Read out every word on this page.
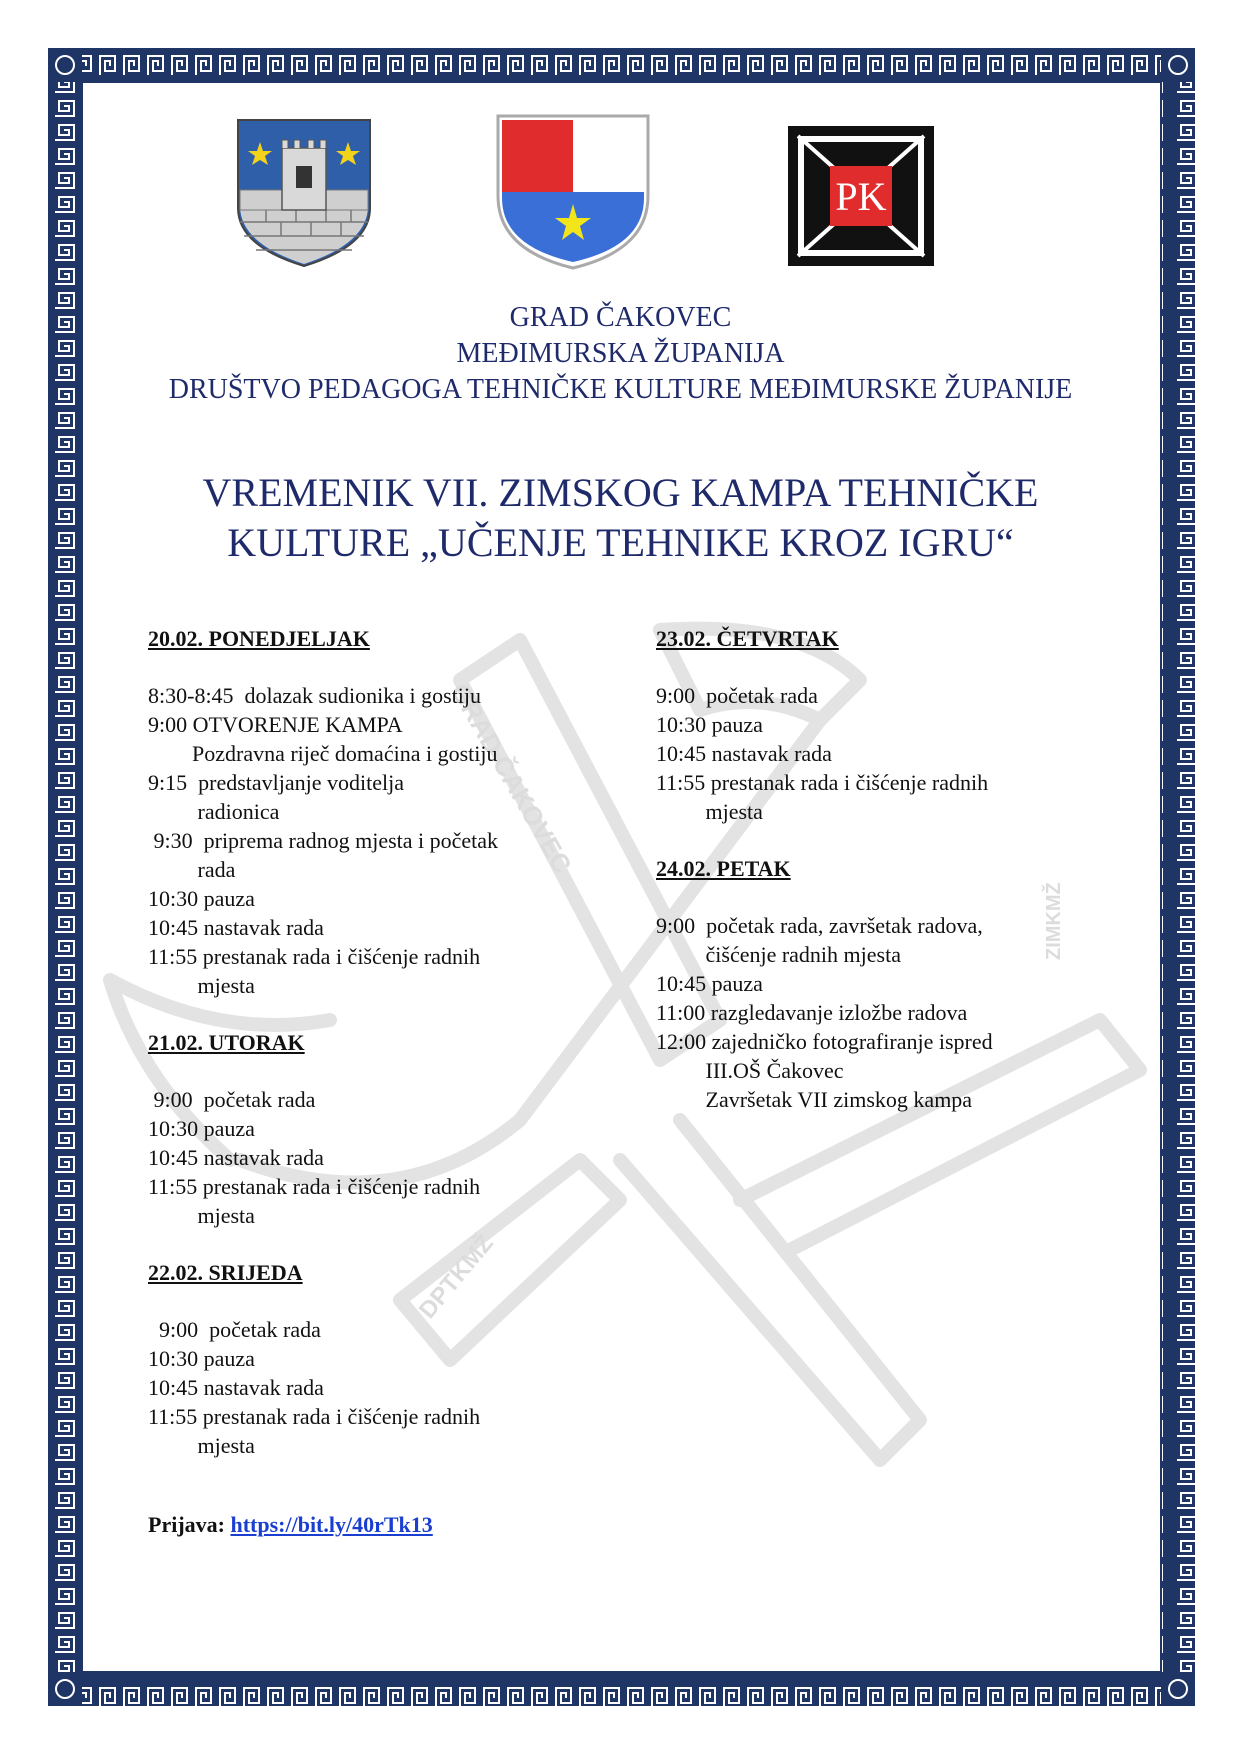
PK
GRAD ČAKOVEC
MEĐIMURSKA ŽUPANIJA
DRUŠTVO PEDAGOGA TEHNIČKE KULTURE MEĐIMURSKE ŽUPANIJE
VREMENIK VII. ZIMSKOG KAMPA TEHNIČKE
KULTURE „UČENJE TEHNIKE KROZ IGRU“
GRAD ČAKOVEC
DPTKMŽ
ZIMKMŽ
20.02. PONEDJELJAK
8:30-8:45  dolazak sudionika i gostiju
9:00 OTVORENJE KAMPA
Pozdravna riječ domaćina i gostiju
9:15  predstavljanje voditelja
radionica
9:30  priprema radnog mjesta i početak
rada
10:30 pauza
10:45 nastavak rada
11:55 prestanak rada i čišćenje radnih
mjesta
21.02. UTORAK
9:00  početak rada
10:30 pauza
10:45 nastavak rada
11:55 prestanak rada i čišćenje radnih
mjesta
22.02. SRIJEDA
9:00  početak rada
10:30 pauza
10:45 nastavak rada
11:55 prestanak rada i čišćenje radnih
mjesta
23.02. ČETVRTAK
9:00  početak rada
10:30 pauza
10:45 nastavak rada
11:55 prestanak rada i čišćenje radnih
mjesta
24.02. PETAK
9:00  početak rada, završetak radova,
čišćenje radnih mjesta
10:45 pauza
11:00 razgledavanje izložbe radova
12:00 zajedničko fotografiranje ispred
III.OŠ Čakovec
Završetak VII zimskog kampa
Prijava: https://bit.ly/40rTk13
